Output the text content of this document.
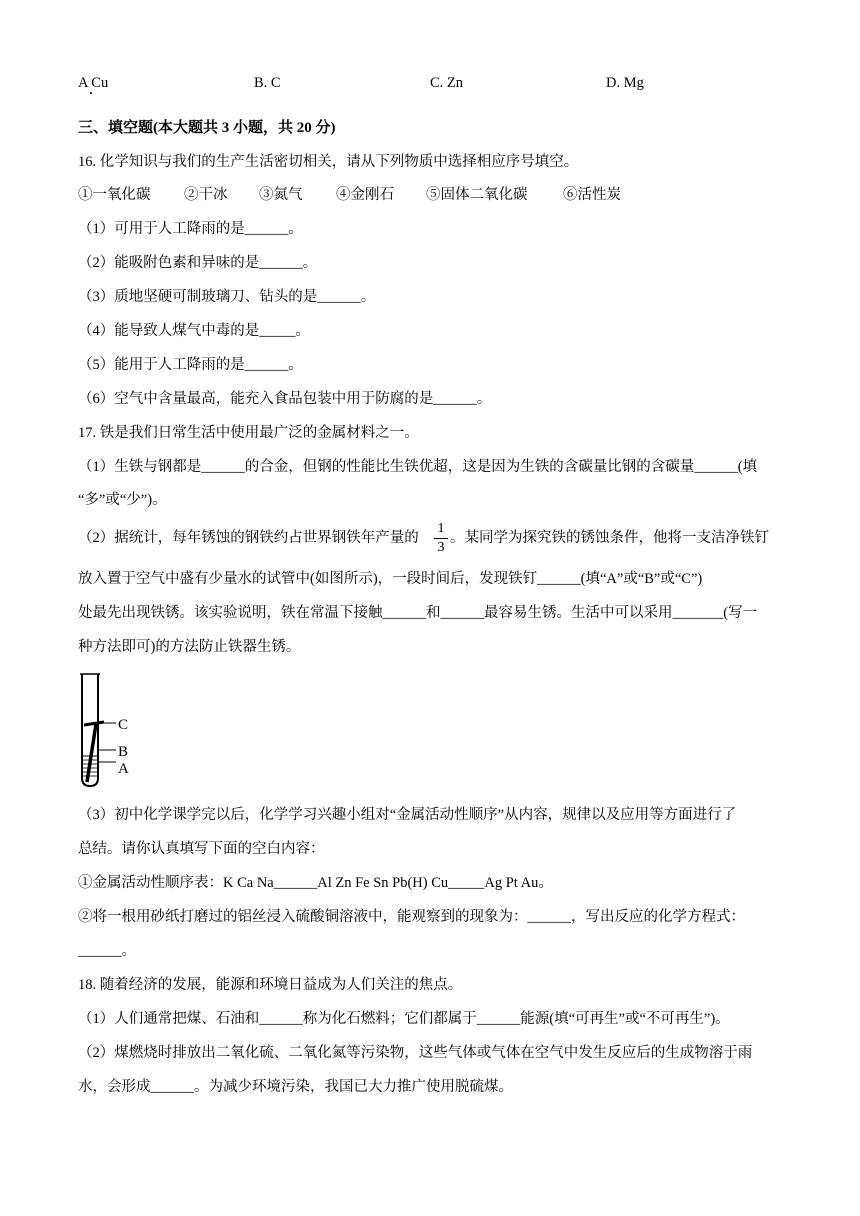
A Cu	B. C	C. Zn	D. Mg
三、填空题(本大题共 3 小题，共 20 分)
16. 化学知识与我们的生产生活密切相关，请从下列物质中选择相应序号填空。
①一氧化碳 ②干冰 ③氮气 ④金刚石 ⑤固体二氧化碳 ⑥活性炭
（1）可用于人工降雨的是______。
（2）能吸附色素和异味的是______。
（3）质地坚硬可制玻璃刀、钻头的是______。
（4）能导致人煤气中毒的是_____。
（5）能用于人工降雨的是______。
（6）空气中含量最高，能充入食品包装中用于防腐的是______。
17. 铁是我们日常生活中使用最广泛的金属材料之一。
（1）生铁与钢都是______的合金，但钢的性能比生铁优超，这是因为生铁的含碳量比钢的含碳量______(填
“多”或“少”)。
（2）据统计，每年锈蚀的钢铁约占世界钢铁年产量的
1
3
。某同学为探究铁的锈蚀条件，他将一支洁净铁钉
放入置于空气中盛有少量水的试管中(如图所示)，一段时间后，发现铁钉______(填“A”或“B”或“C”)
处最先出现铁锈。该实验说明，铁在常温下接触______和______最容易生锈。生活中可以采用_______(写一
种方法即可)的方法防止铁器生锈。
C
B
A
（3）初中化学课学完以后，化学学习兴趣小组对“金属活动性顺序”从内容，规律以及应用等方面进行了
总结。请你认真填写下面的空白内容：
①金属活动性顺序表：K Ca Na______Al Zn Fe Sn Pb(H) Cu_____Ag Pt Au。
②将一根用砂纸打磨过的铝丝浸入硫酸铜溶液中，能观察到的现象为：______，写出反应的化学方程式：
______。
18. 随着经济的发展，能源和环境日益成为人们关注的焦点。
（1）人们通常把煤、石油和______称为化石燃料；它们都属于______能源(填“可再生”或“不可再生”)。
（2）煤燃烧时排放出二氧化硫、二氧化氮等污染物，这些气体或气体在空气中发生反应后的生成物溶于雨
水，会形成______。为减少环境污染，我国已大力推广使用脱硫煤。
